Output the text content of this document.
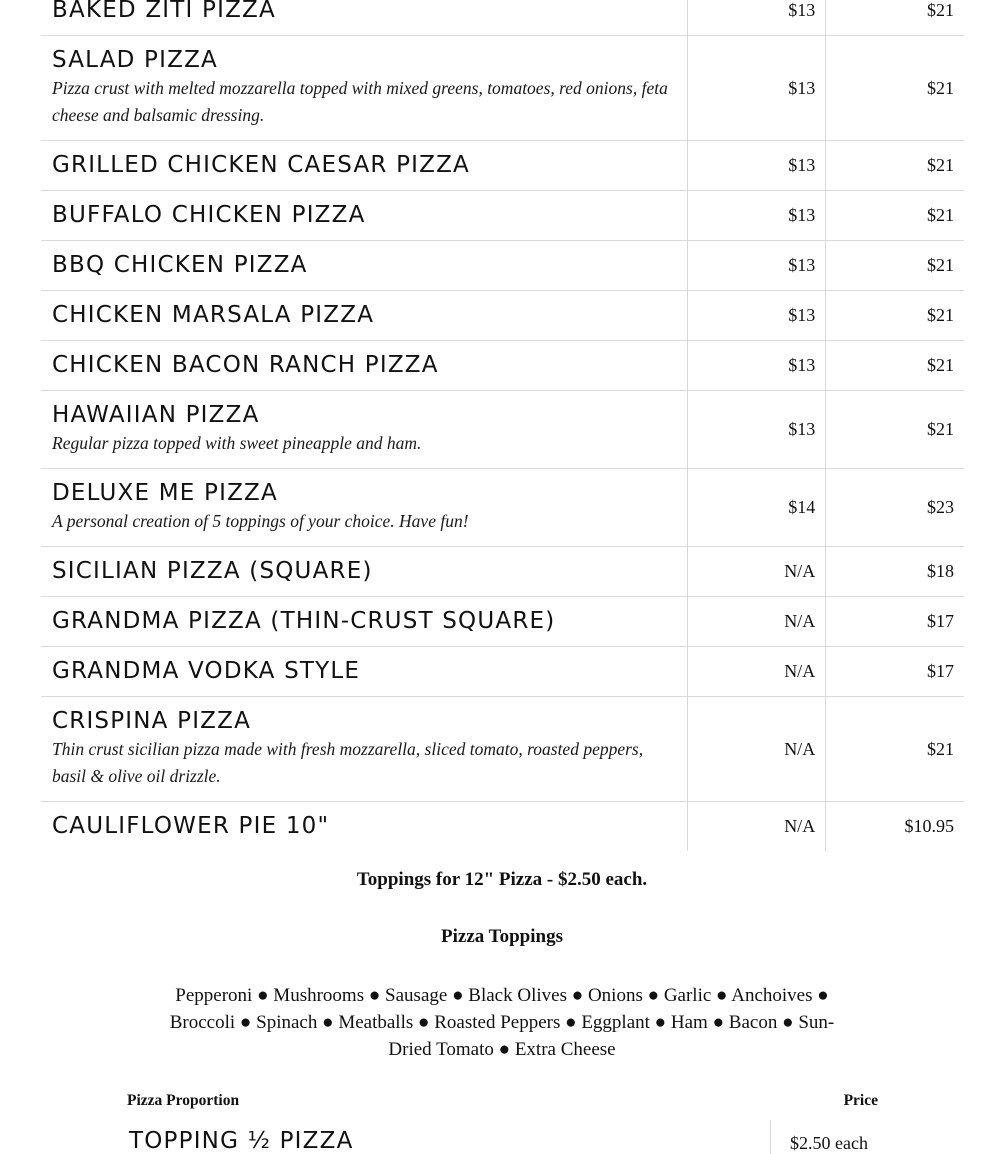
BAKED ZITI PIZZA	$13	$21

SALAD PIZZA
Pizza crust with melted mozzarella topped with mixed greens, tomatoes, red onions, feta cheese and balsamic dressing.	$13	$21

GRILLED CHICKEN CAESAR PIZZA	$13	$21

BUFFALO CHICKEN PIZZA	$13	$21

BBQ CHICKEN PIZZA	$13	$21

CHICKEN MARSALA PIZZA	$13	$21

CHICKEN BACON RANCH PIZZA	$13	$21

HAWAIIAN PIZZA
Regular pizza topped with sweet pineapple and ham.	$13	$21

DELUXE ME PIZZA
A personal creation of 5 toppings of your choice. Have fun!	$14	$23

SICILIAN PIZZA (SQUARE)	N/A	$18

GRANDMA PIZZA (THIN-CRUST SQUARE)	N/A	$17

GRANDMA VODKA STYLE	N/A	$17

CRISPINA PIZZA
Thin crust sicilian pizza made with fresh mozzarella, sliced tomato, roasted peppers, basil & olive oil drizzle.	N/A	$21

CAULIFLOWER PIE 10"	N/A	$10.95
Toppings for 12" Pizza - $2.50 each.
Pizza Toppings
Pepperoni ● Mushrooms ● Sausage ● Black Olives ● Onions ● Garlic ● Anchoives ● Broccoli ● Spinach ● Meatballs ● Roasted Peppers ● Eggplant ● Ham ● Bacon ● Sun-Dried Tomato ● Extra Cheese
Pizza Proportion	Price
TOPPING ½ PIZZA	$2.50 each
